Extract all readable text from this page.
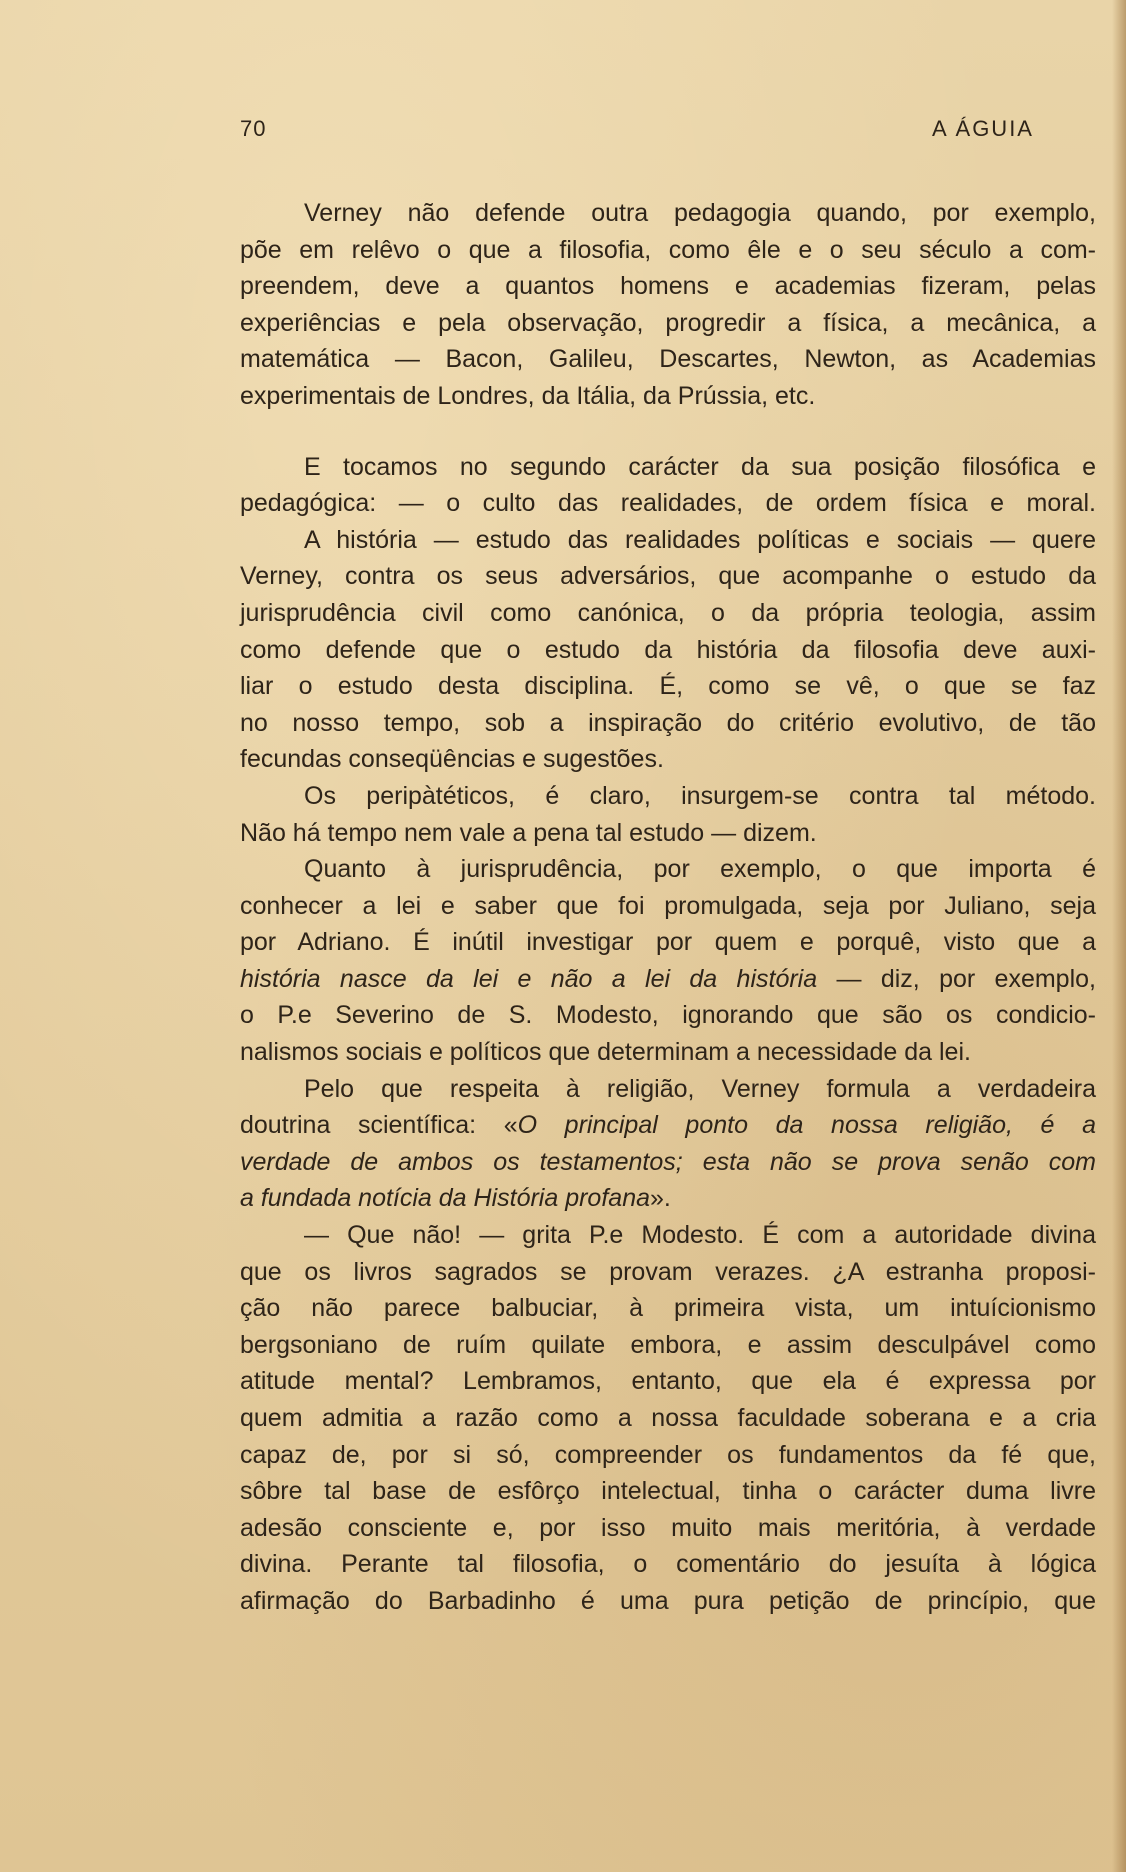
70	A ÁGUIA
Verney não defende outra pedagogia quando, por exemplo,
põe em relêvo o que a filosofia, como êle e o seu século a com-
preendem, deve a quantos homens e academias fizeram, pelas
experiências e pela observação, progredir a física, a mecânica, a
matemática — Bacon, Galileu, Descartes, Newton, as Academias
experimentais de Londres, da Itália, da Prússia, etc.
E tocamos no segundo carácter da sua posição filosófica e
pedagógica: — o culto das realidades, de ordem física e moral.
A história — estudo das realidades políticas e sociais — quere
Verney, contra os seus adversários, que acompanhe o estudo da
jurisprudência civil como canónica, o da própria teologia, assim
como defende que o estudo da história da filosofia deve auxi-
liar o estudo desta disciplina. É, como se vê, o que se faz
no nosso tempo, sob a inspiração do critério evolutivo, de tão
fecundas conseqüências e sugestões.
Os peripàtéticos, é claro, insurgem-se contra tal método.
Não há tempo nem vale a pena tal estudo — dizem.
Quanto à jurisprudência, por exemplo, o que importa é
conhecer a lei e saber que foi promulgada, seja por Juliano, seja
por Adriano. É inútil investigar por quem e porquê, visto que a
história nasce da lei e não a lei da história — diz, por exemplo,
o P.e Severino de S. Modesto, ignorando que são os condicio-
nalismos sociais e políticos que determinam a necessidade da lei.
Pelo que respeita à religião, Verney formula a verdadeira
doutrina scientífica: «O principal ponto da nossa religião, é a
verdade de ambos os testamentos; esta não se prova senão com
a fundada notícia da História profana».
— Que não! — grita P.e Modesto. É com a autoridade divina
que os livros sagrados se provam verazes. ¿A estranha proposi-
ção não parece balbuciar, à primeira vista, um intuícionismo
bergsoniano de ruím quilate embora, e assim desculpável como
atitude mental? Lembramos, entanto, que ela é expressa por
quem admitia a razão como a nossa faculdade soberana e a cria
capaz de, por si só, compreender os fundamentos da fé que,
sôbre tal base de esfôrço intelectual, tinha o carácter duma livre
adesão consciente e, por isso muito mais meritória, à verdade
divina. Perante tal filosofia, o comentário do jesuíta à lógica
afirmação do Barbadinho é uma pura petição de princípio, que
